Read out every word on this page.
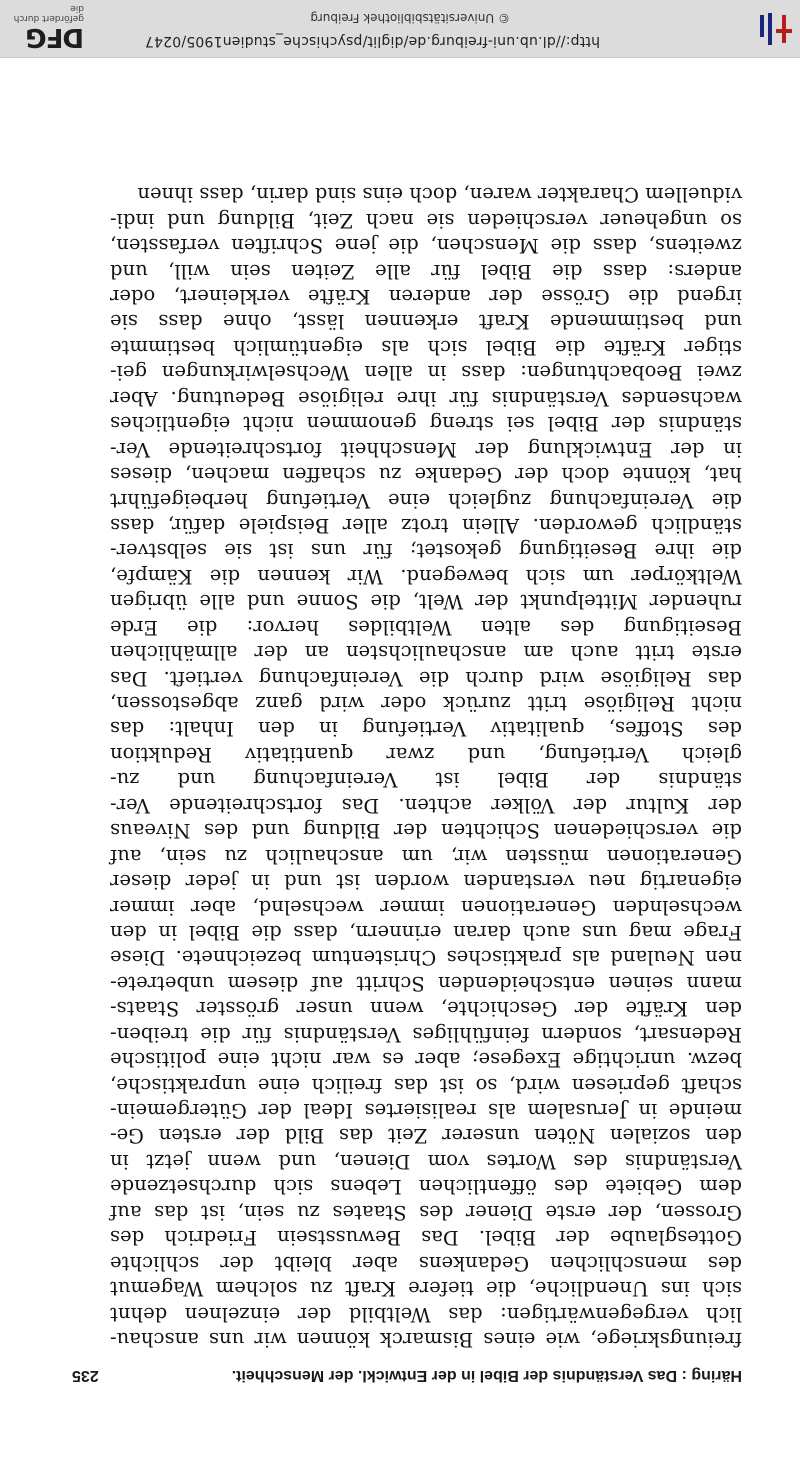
Häring : Das Verständnis der Bibel in der Entwickl. der Menschheit.
235
freiungskriege, wie eines Bismarck können wir uns anschau-
lich vergegenwärtigen: das Weltbild der einzelnen dehnt
sich ins Unendliche, die tiefere Kraft zu solchem Wagemut
des menschlichen Gedankens aber bleibt der schlichte
Gottesglaube der Bibel. Das Bewusstsein Friedrich des
Grossen, der erste Diener des Staates zu sein, ist das auf
dem Gebiete des öffentlichen Lebens sich durchsetzende
Verständnis des Wortes vom Dienen, und wenn jetzt in
den sozialen Nöten unserer Zeit das Bild der ersten Ge-
meinde in Jerusalem als realisiertes Ideal der Gütergemein-
schaft gepriesen wird, so ist das freilich eine unpraktische,
bezw. unrichtige Exegese; aber es war nicht eine politische
Redensart, sondern feinfühliges Verständnis für die treiben-
den Kräfte der Geschichte, wenn unser grösster Staats-
mann seinen entscheidenden Schritt auf diesem unbetrete-
nen Neuland als praktisches Christentum bezeichnete. Diese
Frage mag uns auch daran erinnern, dass die Bibel in den
wechselnden Generationen immer wechselnd, aber immer
eigenartig neu verstanden worden ist und in jeder dieser
Generationen müssten wir, um anschaulich zu sein, auf
die verschiedenen Schichten der Bildung und des Niveaus
der Kultur der Völker achten. Das fortschreitende Ver-
ständnis der Bibel ist Vereinfachung und zu-
gleich Vertiefung, und zwar quantitativ Reduktion
des Stoffes, qualitativ Vertiefung in den Inhalt: das
nicht Religiöse tritt zurück oder wird ganz abgestossen,
das Religiöse wird durch die Vereinfachung vertieft. Das
erste tritt auch am anschaulichsten an der allmählichen
Beseitigung des alten Weltbildes hervor: die Erde
ruhender Mittelpunkt der Welt, die Sonne und alle übrigen
Weltkörper um sich bewegend. Wir kennen die Kämpfe,
die ihre Beseitigung gekostet; für uns ist sie selbstver-
ständlich geworden. Allein trotz aller Beispiele dafür, dass
die Vereinfachung zugleich eine Vertiefung herbeigeführt
hat, könnte doch der Gedanke zu schaffen machen, dieses
in der Entwicklung der Menschheit fortschreitende Ver-
ständnis der Bibel sei streng genommen nicht eigentliches
wachsendes Verständnis für ihre religiöse Bedeutung. Aber
zwei Beobachtungen: dass in allen Wechselwirkungen gei-
stiger Kräfte die Bibel sich als eigentümlich bestimmte
und bestimmende Kraft erkennen lässt, ohne dass sie
irgend die Grösse der anderen Kräfte verkleinert, oder
anders: dass die Bibel für alle Zeiten sein will, und
zweitens, dass die Menschen, die jene Schriften verfassten,
so ungeheuer verschieden sie nach Zeit, Bildung und indi-
viduellem Charakter waren, doch eins sind darin, dass ihnen
http://dl.ub.uni-freiburg.de/diglit/psychische_studien1905/0247
© Universitätsbibliothek Freiburg
DFG
gefördert durch die
